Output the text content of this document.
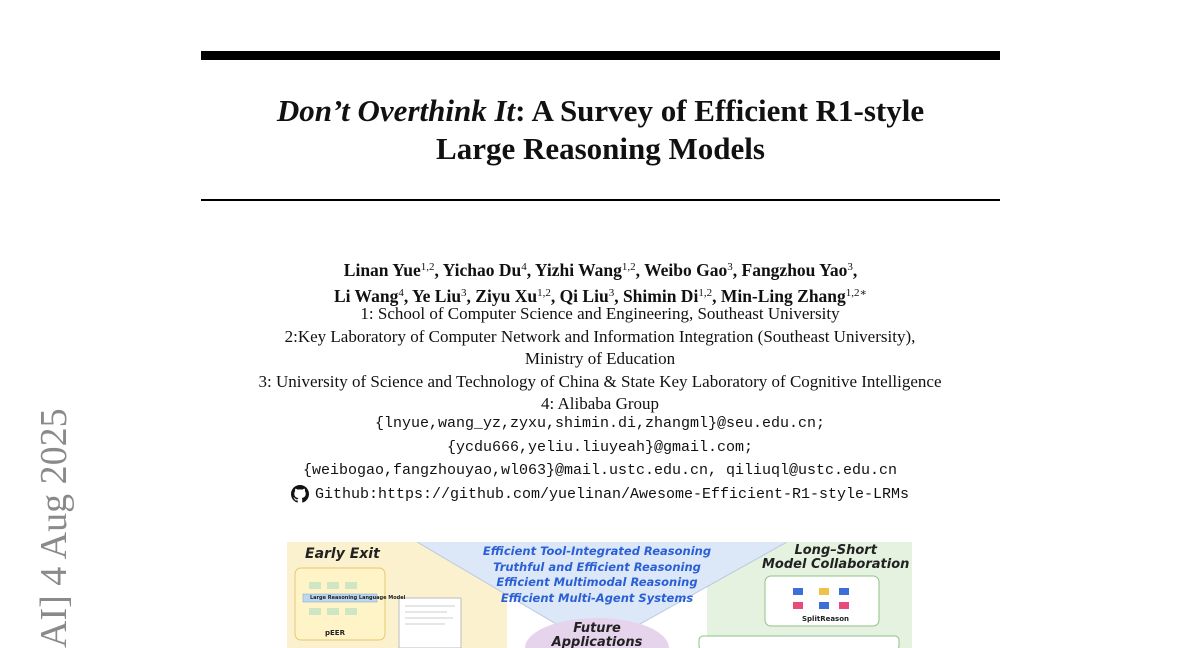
Don’t Overthink It: A Survey of Efficient R1-style
Large Reasoning Models
Linan Yue$^{1,2}$, Yichao Du$^4$, Yizhi Wang$^{1,2}$, Weibo Gao$^3$, Fangzhou Yao$^3$,
Li Wang$^4$, Ye Liu$^3$, Ziyu Xu$^{1,2}$, Qi Liu$^3$, Shimin Di$^{1,2}$, Min-Ling Zhang$^{1,2∗}$
1: School of Computer Science and Engineering, Southeast University
2:Key Laboratory of Computer Network and Information Integration (Southeast University),
Ministry of Education
3: University of Science and Technology of China & State Key Laboratory of Cognitive Intelligence
4: Alibaba Group
{lnyue,wang_yz,zyxu,shimin.di,zhangml}@seu.edu.cn;
{ycdu666,yeliu.liuyeah}@gmail.com;
{weibogao,fangzhouyao,wl063}@mail.ustc.edu.cn, qiliuql@ustc.edu.cn
Github:https://github.com/yuelinan/Awesome-Efficient-R1-style-LRMs
AI] 4 Aug 2025	Early Exit	Long–Short
Model Collaboration
Efficient Tool-Integrated Reasoning
Truthful and Efficient Reasoning
Efficient Multimodal Reasoning
Efficient Multi-Agent Systems
Future
Applications
pEER
Large Reasoning Language Model
SplitReason
